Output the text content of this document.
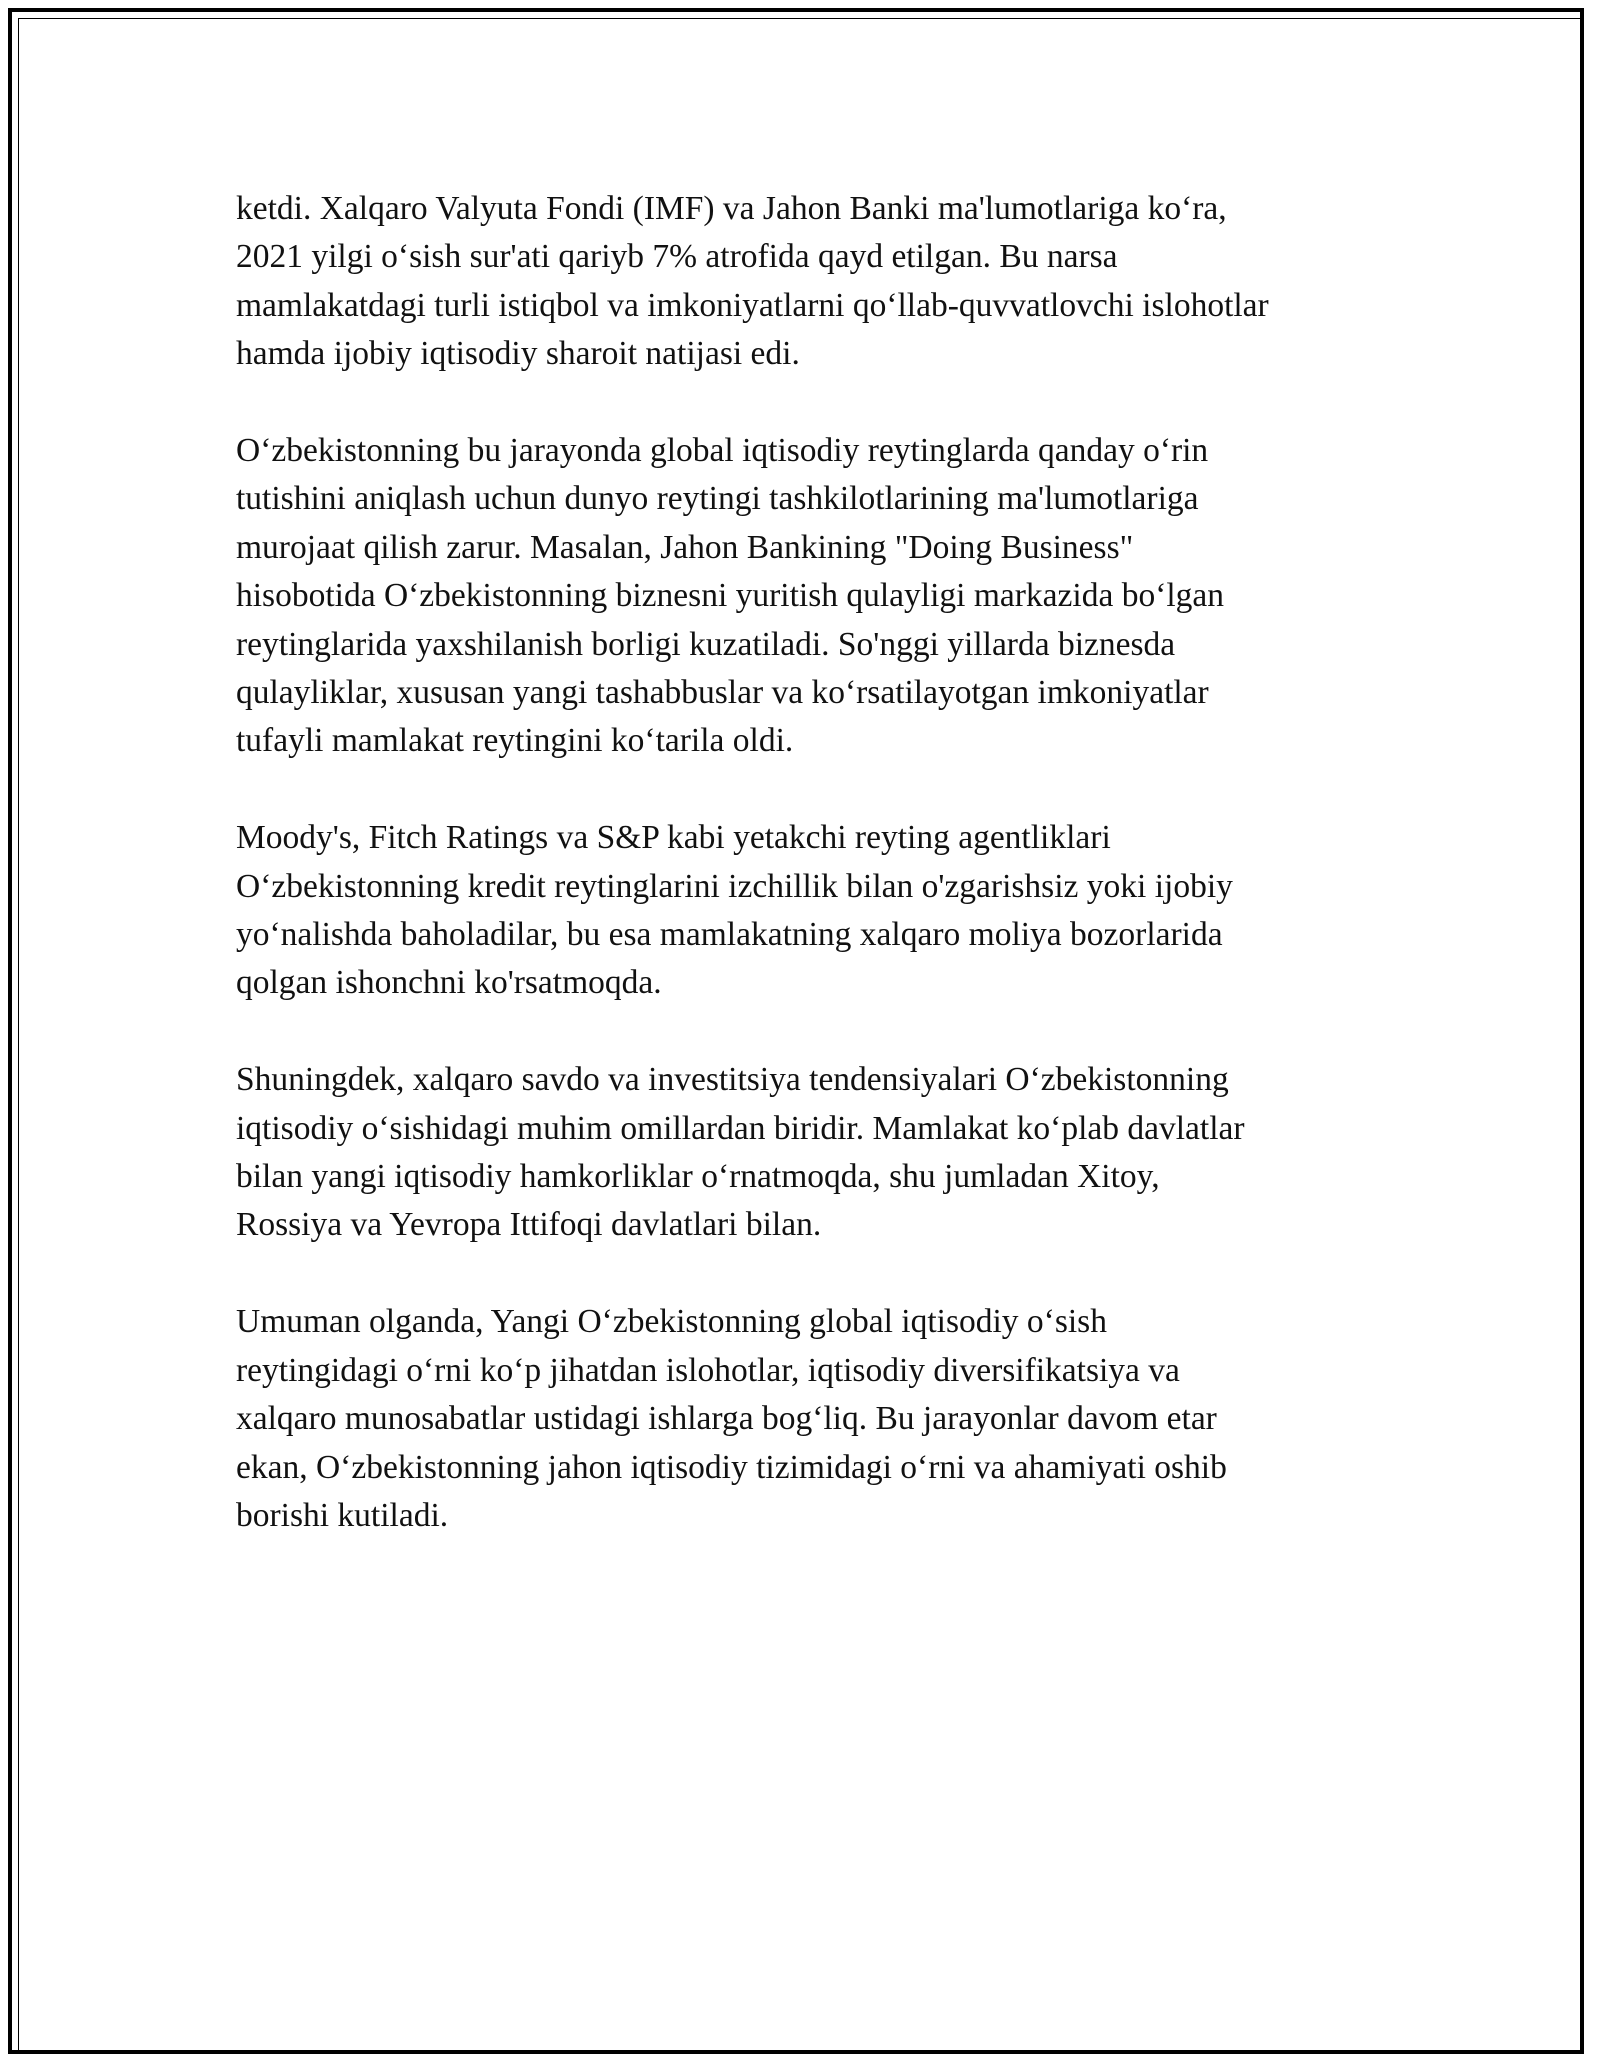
ketdi. Xalqaro Valyuta Fondi (IMF) va Jahon Banki ma'lumotlariga koʻra,
2021 yilgi oʻsish sur'ati qariyb 7% atrofida qayd etilgan. Bu narsa
mamlakatdagi turli istiqbol va imkoniyatlarni qoʻllab-quvvatlovchi islohotlar
hamda ijobiy iqtisodiy sharoit natijasi edi.

Oʻzbekistonning bu jarayonda global iqtisodiy reytinglarda qanday oʻrin
tutishini aniqlash uchun dunyo reytingi tashkilotlarining ma'lumotlariga
murojaat qilish zarur. Masalan, Jahon Bankining "Doing Business"
hisobotida Oʻzbekistonning biznesni yuritish qulayligi markazida boʻlgan
reytinglarida yaxshilanish borligi kuzatiladi. So'nggi yillarda biznesda
qulayliklar, xususan yangi tashabbuslar va koʻrsatilayotgan imkoniyatlar
tufayli mamlakat reytingini koʻtarila oldi.

Moody's, Fitch Ratings va S&P kabi yetakchi reyting agentliklari
Oʻzbekistonning kredit reytinglarini izchillik bilan o'zgarishsiz yoki ijobiy
yoʻnalishda baholadilar, bu esa mamlakatning xalqaro moliya bozorlarida
qolgan ishonchni ko'rsatmoqda.

Shuningdek, xalqaro savdo va investitsiya tendensiyalari Oʻzbekistonning
iqtisodiy oʻsishidagi muhim omillardan biridir. Mamlakat koʻplab davlatlar
bilan yangi iqtisodiy hamkorliklar oʻrnatmoqda, shu jumladan Xitoy,
Rossiya va Yevropa Ittifoqi davlatlari bilan.

Umuman olganda, Yangi Oʻzbekistonning global iqtisodiy oʻsish
reytingidagi oʻrni koʻp jihatdan islohotlar, iqtisodiy diversifikatsiya va
xalqaro munosabatlar ustidagi ishlarga bogʻliq. Bu jarayonlar davom etar
ekan, Oʻzbekistonning jahon iqtisodiy tizimidagi oʻrni va ahamiyati oshib
borishi kutiladi.
